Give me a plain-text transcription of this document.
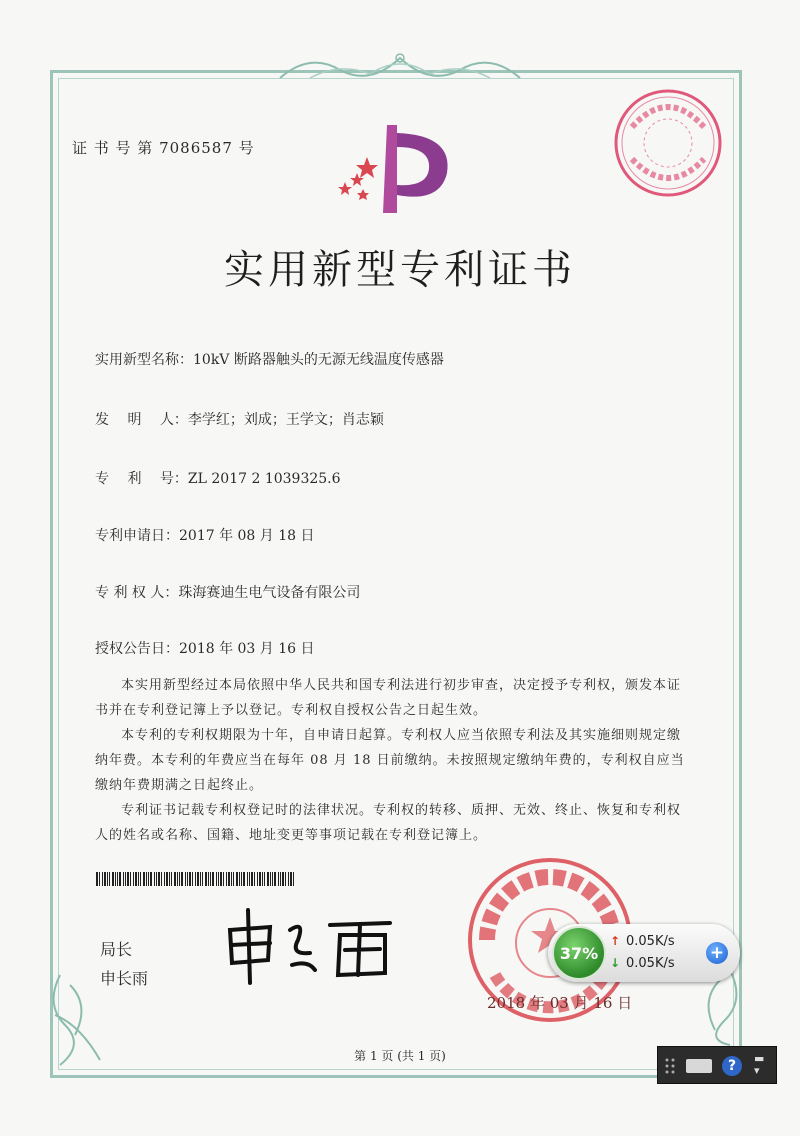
证 书 号 第 7086587 号
实用新型专利证书
实用新型名称：10kV 断路器触头的无源无线温度传感器
发　 明　 人：李学红；刘成；王学文；肖志颖
专　 利　 号：ZL 2017 2 1039325.6
专利申请日：2017 年 08 月 18 日
专 利 权 人：珠海赛迪生电气设备有限公司
授权公告日：2018 年 03 月 16 日

本实用新型经过本局依照中华人民共和国专利法进行初步审查，决定授予专利权，颁发本证书并在专利登记簿上予以登记。专利权自授权公告之日起生效。

本专利的专利权期限为十年，自申请日起算。专利权人应当依照专利法及其实施细则规定缴纳年费。本专利的年费应当在每年 08 月 18 日前缴纳。未按照规定缴纳年费的，专利权自应当缴纳年费期满之日起终止。

专利证书记载专利权登记时的法律状况。专利权的转移、质押、无效、终止、恢复和专利权人的姓名或名称、国籍、地址变更等事项记载在专利登记簿上。

局长
申长雨
2018 年 03 月 16 日
第 1 页 (共 1 页)
37%
↑ 0.05K/s
↓ 0.05K/s
+
?	▬
▾
